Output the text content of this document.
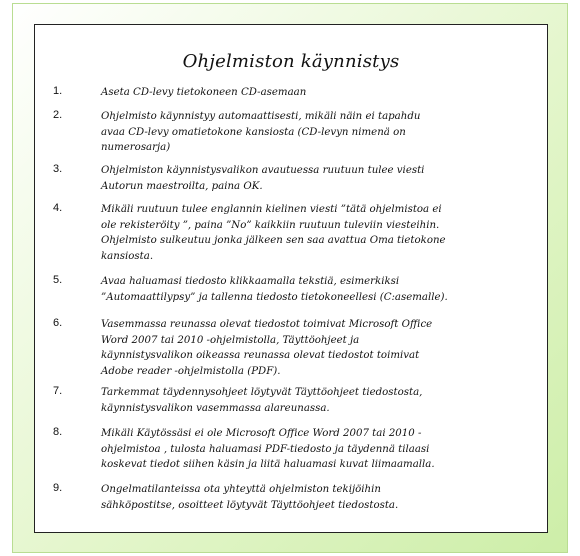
Ohjelmiston käynnistys
1.	Aseta CD-levy tietokoneen CD-asemaan
2.	Ohjelmisto käynnistyy automaattisesti, mikäli näin ei tapahdu
avaa CD-levy omatietokone kansiosta (CD-levyn nimenä on
numerosarja)
3.	Ohjelmiston käynnistysvalikon avautuessa ruutuun tulee viesti
Autorun maestroilta, paina OK.
4.	Mikäli ruutuun tulee englannin kielinen viesti ”tätä ohjelmistoa ei
ole rekisteröity ”, paina ”No” kaikkiin ruutuun tuleviin viesteihin.
Ohjelmisto sulkeutuu jonka jälkeen sen saa avattua Oma tietokone
kansiosta.
5.	Avaa haluamasi tiedosto klikkaamalla tekstiä, esimerkiksi
”Automaattilypsy” ja tallenna tiedosto tietokoneellesi (C:asemalle).
6.	Vasemmassa reunassa olevat tiedostot toimivat Microsoft Office
Word 2007 tai 2010 -ohjelmistolla, Täyttöohjeet ja
käynnistysvalikon oikeassa reunassa olevat tiedostot toimivat
Adobe reader -ohjelmistolla (PDF).
7.	Tarkemmat täydennysohjeet löytyvät Täyttöohjeet tiedostosta,
käynnistysvalikon vasemmassa alareunassa.
8.	Mikäli Käytössäsi ei ole Microsoft Office Word 2007 tai 2010 -
ohjelmistoa , tulosta haluamasi PDF-tiedosto ja täydennä tilaasi
koskevat tiedot siihen käsin ja liitä haluamasi kuvat liimaamalla.
9.	Ongelmatilanteissa ota yhteyttä ohjelmiston tekijöihin
sähköpostitse, osoitteet löytyvät Täyttöohjeet tiedostosta.
